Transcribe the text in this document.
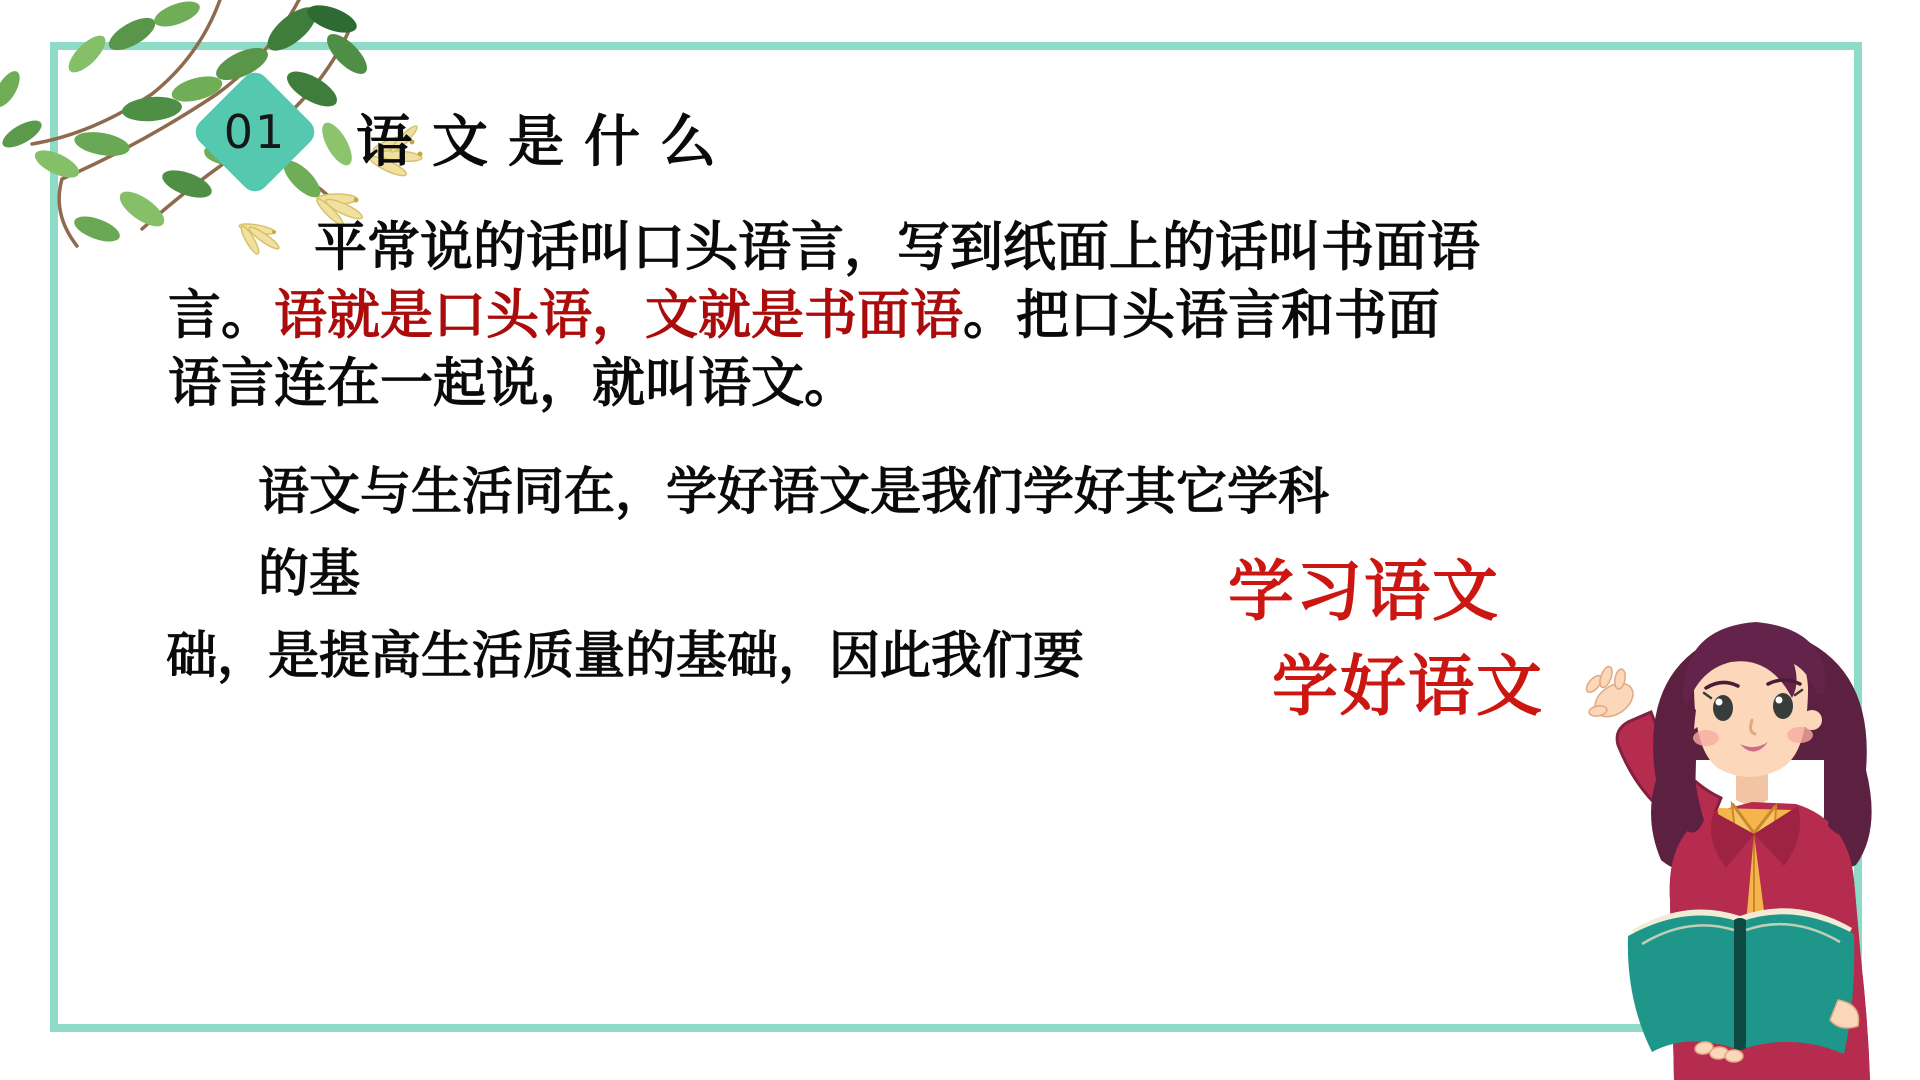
01 语 文 是 什 么
平常说的话叫口头语言，写到纸面上的话叫书面语
言。语就是口头语，文就是书面语。把口头语言和书面
语言连在一起说，就叫语文。
语文与生活同在，学好语文是我们学好其它学科的基
础，是提高生活质量的基础，因此我们要
学习语文
学好语文
